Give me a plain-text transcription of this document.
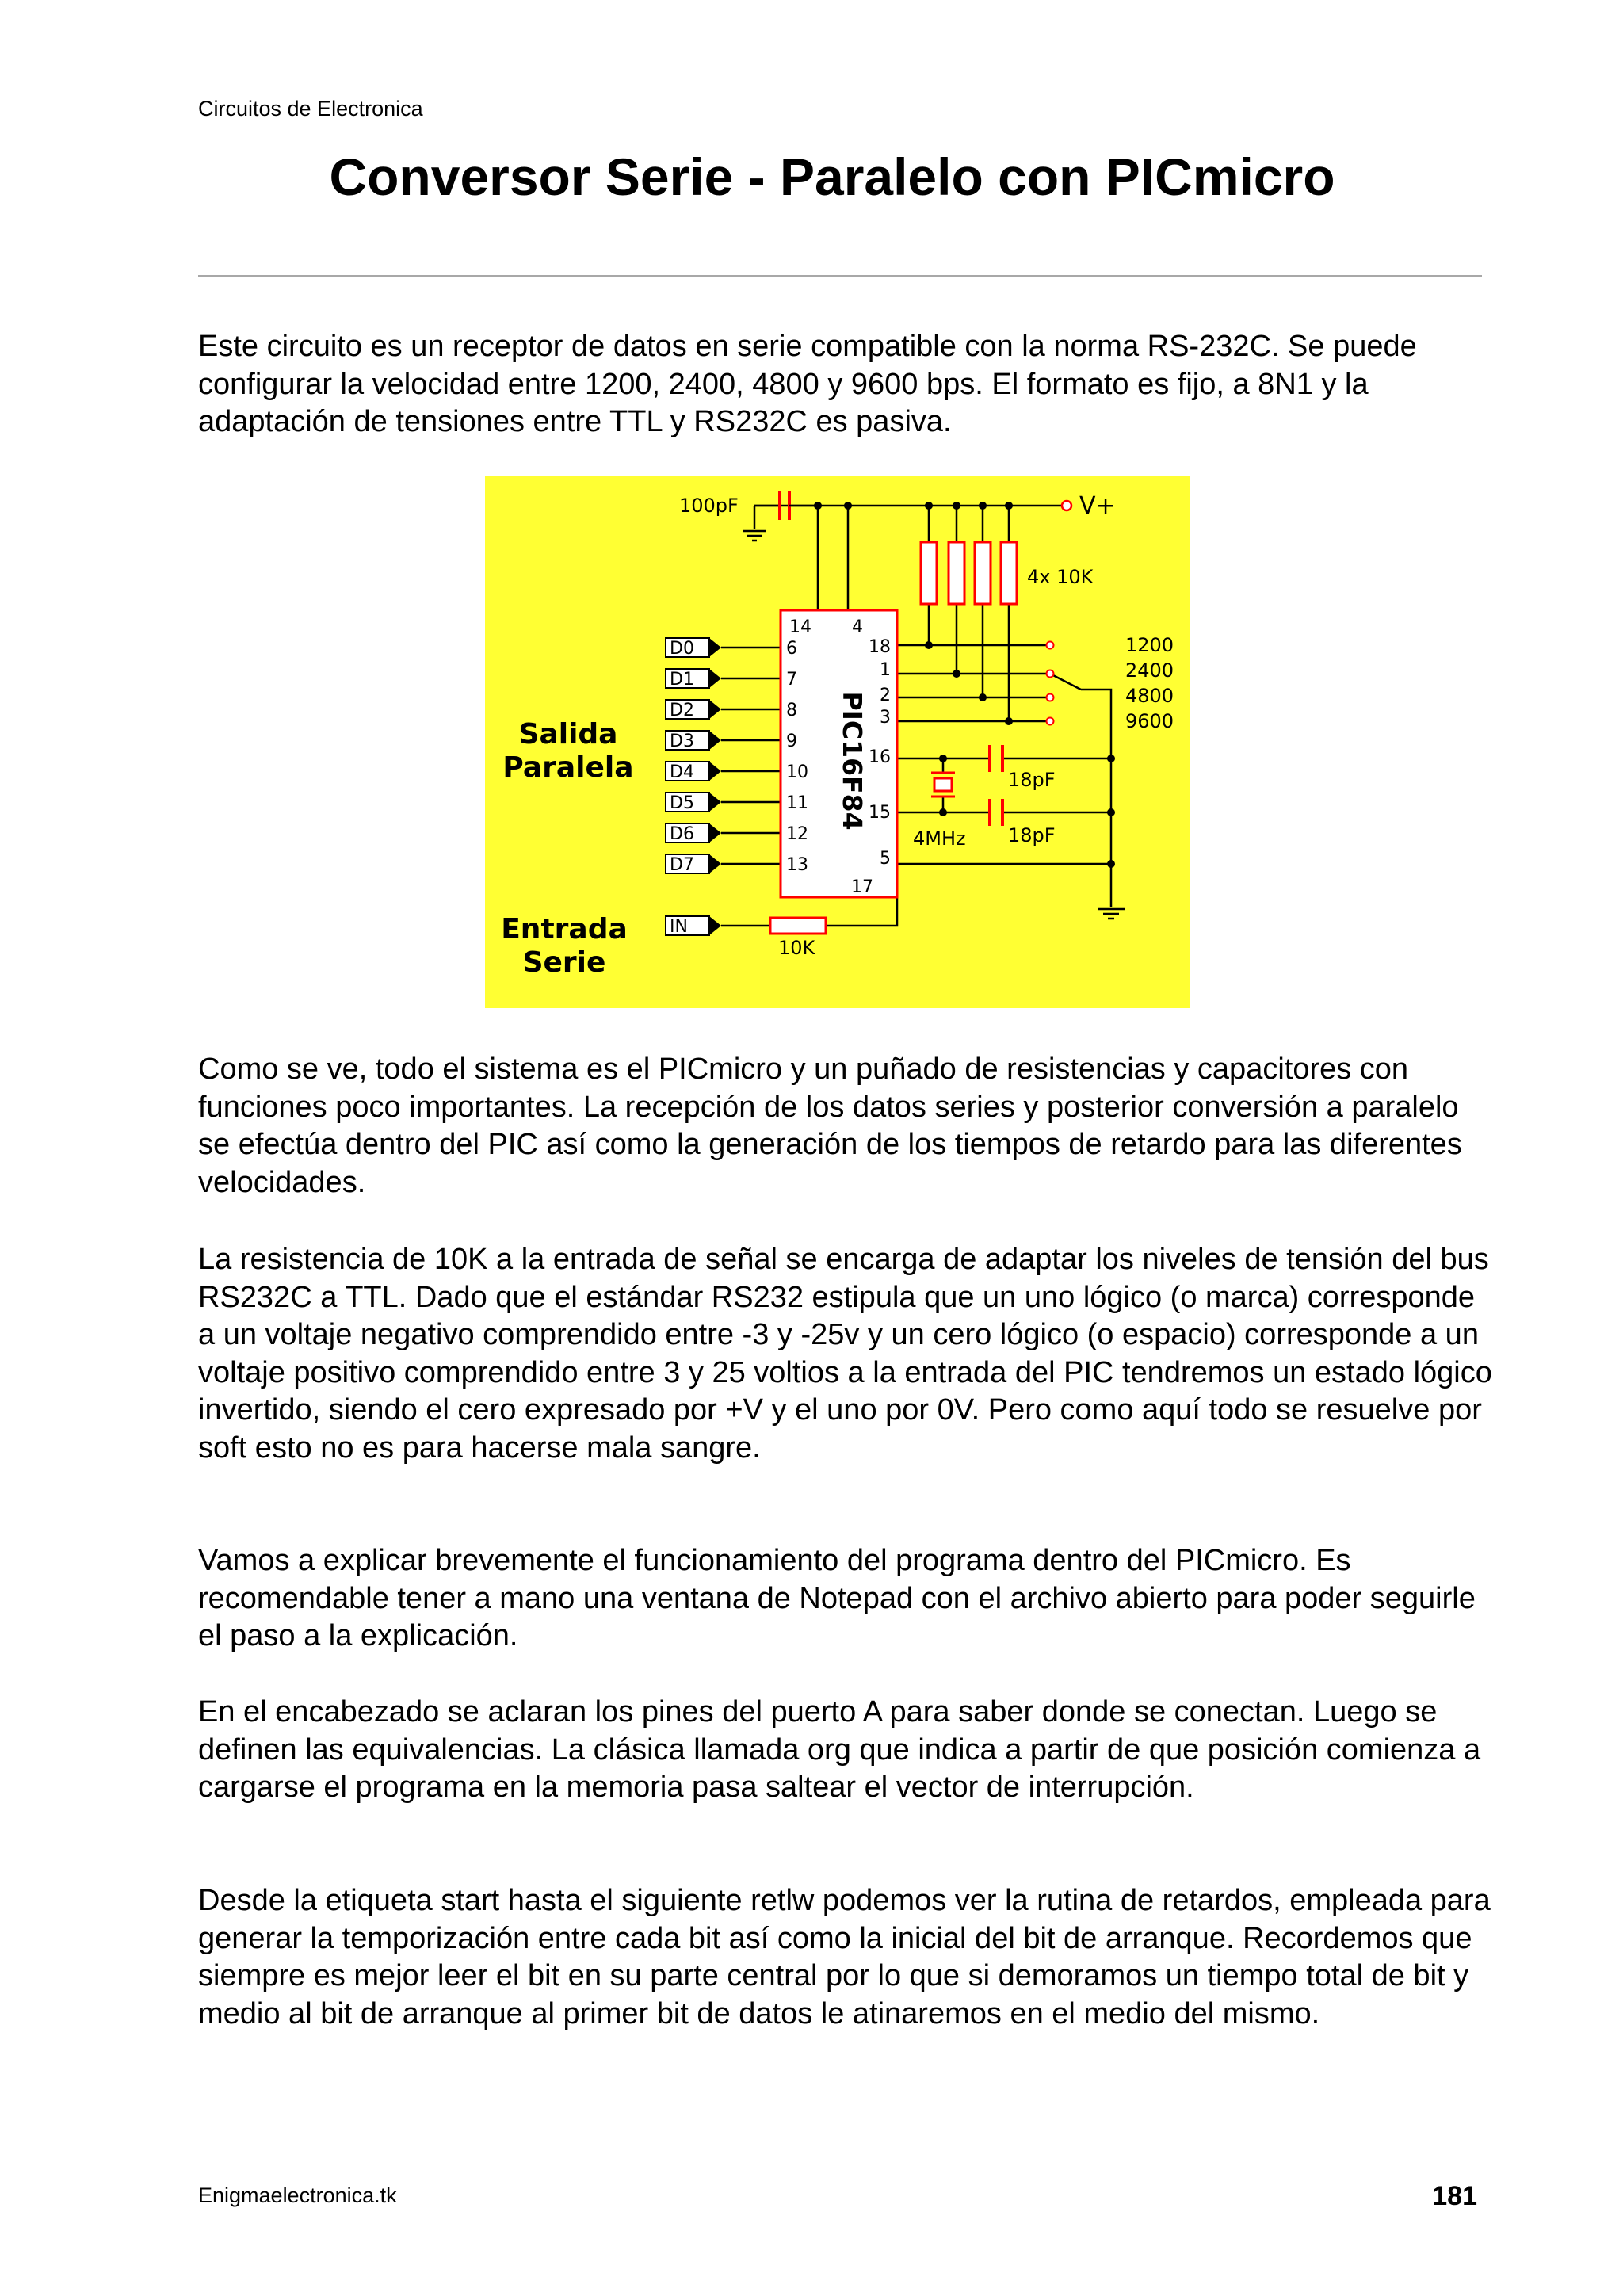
Circuitos de Electronica
Conversor Serie - Paralelo con PICmicro

Este circuito es un receptor de datos en serie compatible con la norma RS-232C. Se puede configurar la velocidad entre 1200, 2400, 4800 y 9600 bps. El formato es fijo, a 8N1 y la adaptación de tensiones entre TTL y RS232C es pasiva.

PIC16F84
14 4
6
7
8
9
10
11
12
13
18
1
2
3
16
15
5
17
100pF	V+
4x 10K
1200
2400
4800
9600
18pF
18pF
4MHz
Salida
Paralela
Entrada
Serie
D0
D1
D2
D3
D4
D5
D6
D7
IN
10K

Como se ve, todo el sistema es el PICmicro y un puñado de resistencias y capacitores con funciones poco importantes. La recepción de los datos series y posterior conversión a paralelo se efectúa dentro del PIC así como la generación de los tiempos de retardo para las diferentes velocidades.

La resistencia de 10K a la entrada de señal se encarga de adaptar los niveles de tensión del bus RS232C a TTL. Dado que el estándar RS232 estipula que un uno lógico (o marca) corresponde a un voltaje negativo comprendido entre -3 y -25v y un cero lógico (o espacio) corresponde a un voltaje positivo comprendido entre 3 y 25 voltios a la entrada del PIC tendremos un estado lógico invertido, siendo el cero expresado por +V y el uno por 0V. Pero como aquí todo se resuelve por soft esto no es para hacerse mala sangre.

Vamos a explicar brevemente el funcionamiento del programa dentro del PICmicro. Es recomendable tener a mano una ventana de Notepad con el archivo abierto para poder seguirle el paso a la explicación.

En el encabezado se aclaran los pines del puerto A para saber donde se conectan. Luego se definen las equivalencias. La clásica llamada org que indica a partir de que posición comienza a cargarse el programa en la memoria pasa saltear el vector de interrupción.

Desde la etiqueta start hasta el siguiente retlw podemos ver la rutina de retardos, empleada para generar la temporización entre cada bit así como la inicial del bit de arranque. Recordemos que siempre es mejor leer el bit en su parte central por lo que si demoramos un tiempo total de bit y medio al bit de arranque al primer bit de datos le atinaremos en el medio del mismo.

Enigmaelectronica.tk	181
